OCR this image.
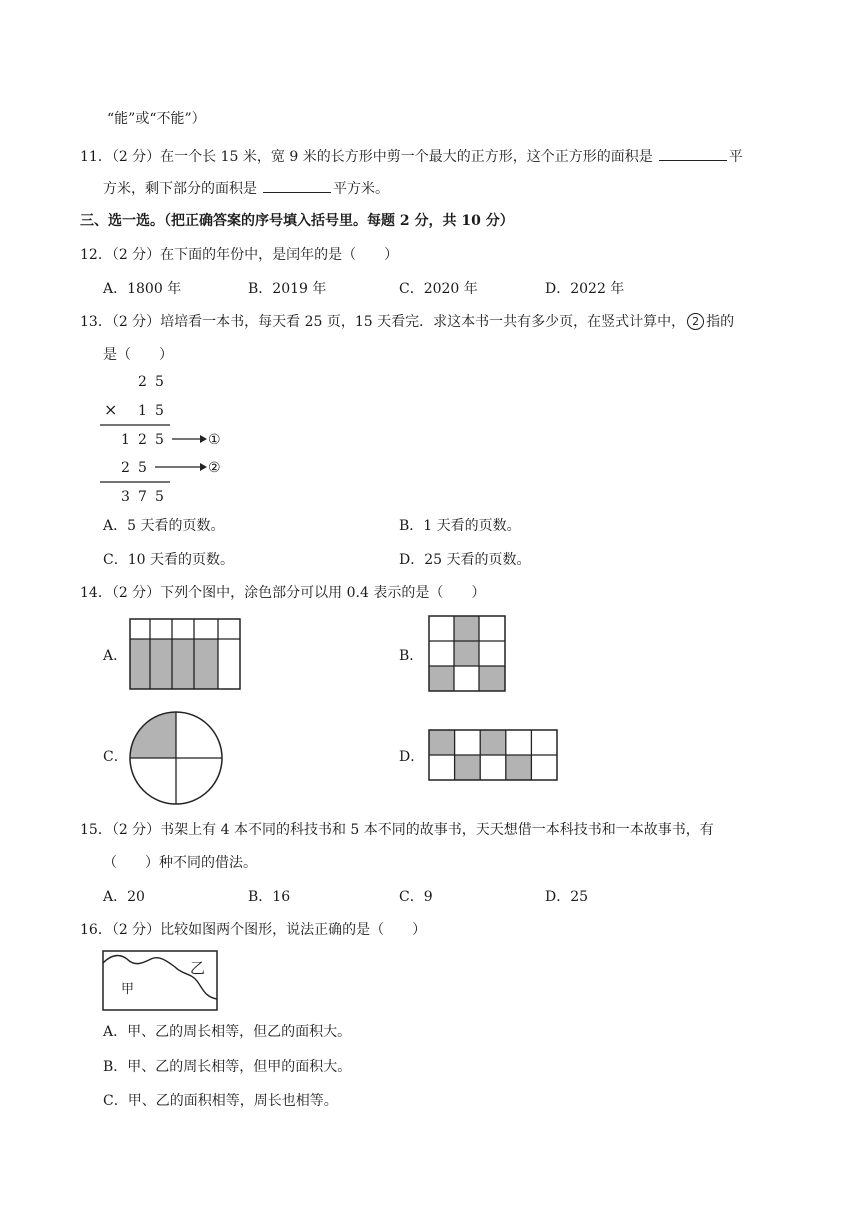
“能”或“不能”）
11．（2 分）在一个长 15 米，宽 9 米的长方形中剪一个最大的正方形，这个正方形的面积是	平
方米，剩下部分的面积是	平方米。
三、选一选。（把正确答案的序号填入括号里。每题 2 分，共 10 分）
12．（2 分）在下面的年份中，是闰年的是（ ）
A．1800 年	B．2019 年	C．2020 年	D．2022 年
13．（2 分）培培看一本书，每天看 25 页，15 天看完．求这本书一共有多少页，在竖式计算中， 2 指的
是（ ）
2 5
× 1 5
1 2 5	①
2 5	②
3 7 5
A．5 天看的页数。	B．1 天看的页数。
C．10 天看的页数。	D．25 天看的页数。
14．（2 分）下列个图中，涂色部分可以用 0.4 表示的是（ ）
A．	B．
C．	D．
15．（2 分）书架上有 4 本不同的科技书和 5 本不同的故事书，天天想借一本科技书和一本故事书，有
（ ）种不同的借法。
A．20	B．16	C．9	D．25
16．（2 分）比较如图两个图形，说法正确的是（ ）
乙
甲
A．甲、乙的周长相等，但乙的面积大。
B．甲、乙的周长相等，但甲的面积大。
C．甲、乙的面积相等，周长也相等。
